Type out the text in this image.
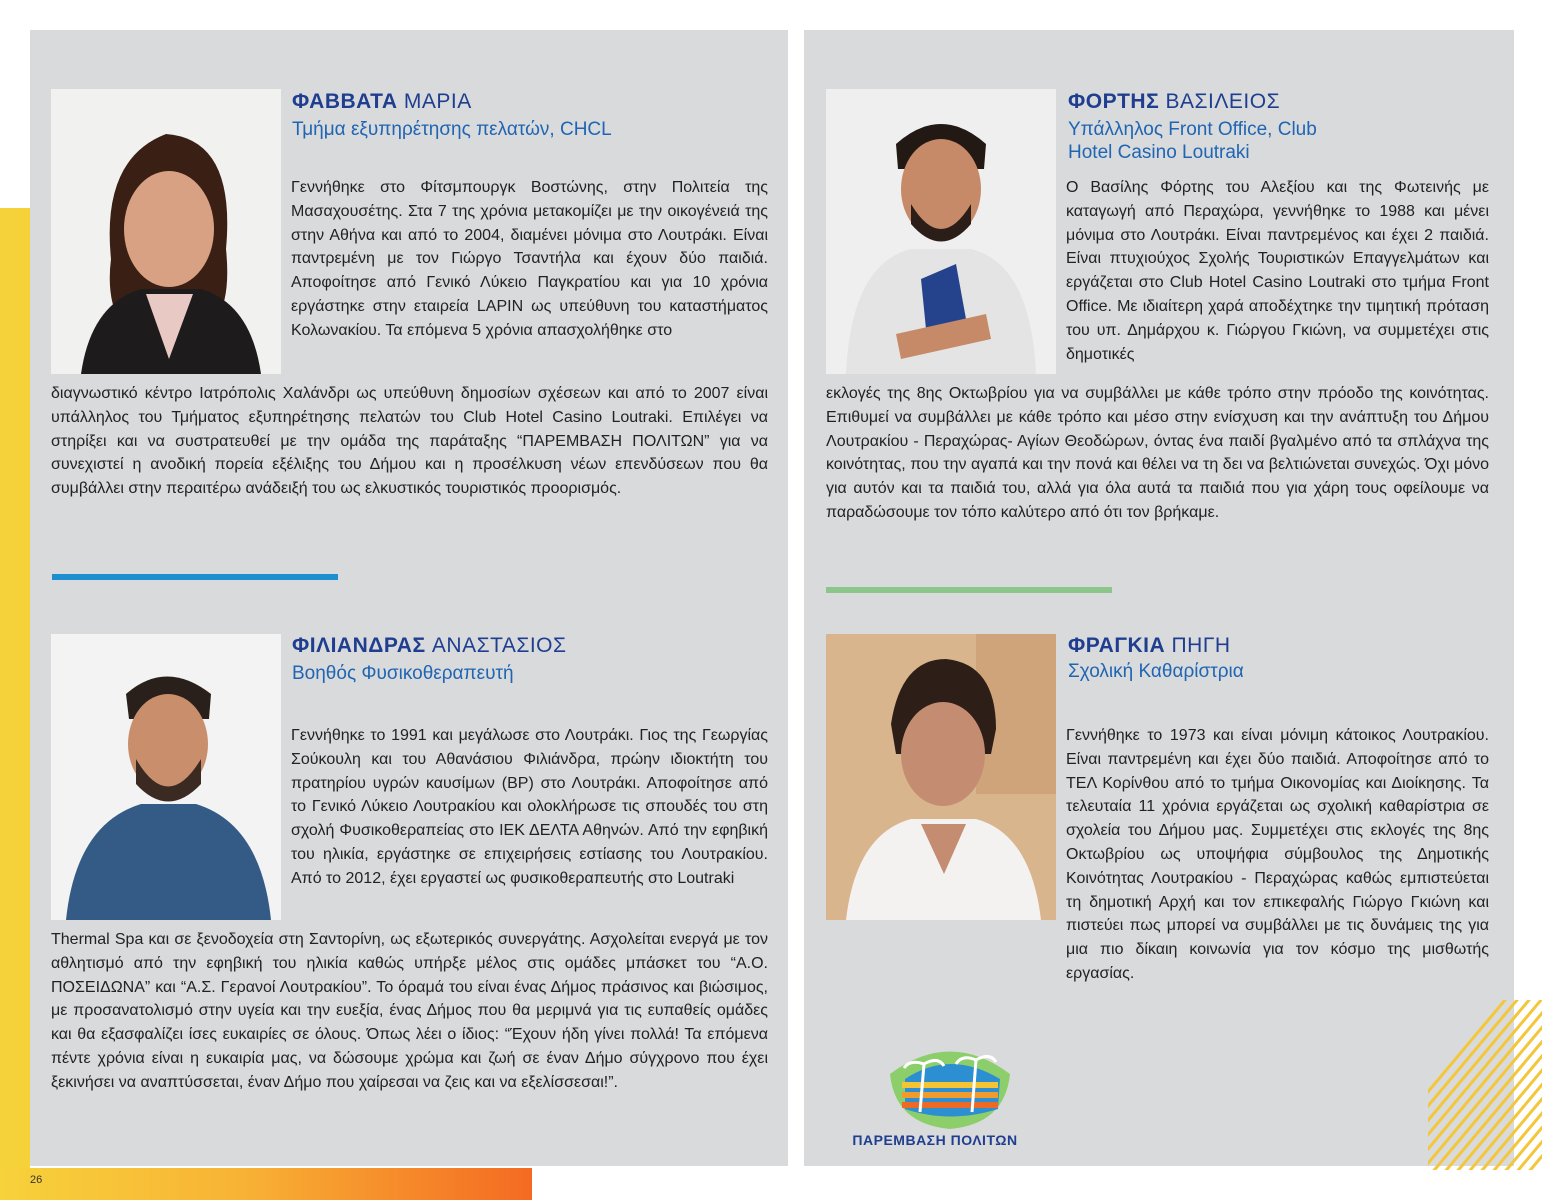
ΦΑΒΒΑΤΑ ΜΑΡΙΑ

Τμήμα εξυπηρέτησης πελατών, CHCL

Γεννήθηκε στο Φίτσμπουργκ Βοστώνης, στην Πολιτεία της Μασαχουσέτης. Στα 7 της χρόνια μετακομίζει με την οικογένειά της στην Αθήνα και από το 2004, διαμένει μόνιμα στο Λουτράκι. Είναι παντρεμένη με τον Γιώργο Τσαντήλα και έχουν δύο παιδιά. Αποφοίτησε από Γενικό Λύκειο Παγκρατίου και για 10 χρόνια εργάστηκε στην εταιρεία LAPIN ως υπεύθυνη του καταστήματος Κολωνακίου. Τα επόμενα 5 χρόνια απασχολήθηκε στο

διαγνωστικό κέντρο Ιατρόπολις Χαλάνδρι ως υπεύθυνη δημοσίων σχέσεων και από το 2007 είναι υπάλληλος του Τμήματος εξυπηρέτησης πελατών του Club Hotel Casino Loutraki. Επιλέγει να στηρίξει και να συστρατευθεί με την ομάδα της παράταξης “ΠΑΡΕΜΒΑΣΗ ΠΟΛΙΤΩΝ” για να συνεχιστεί η ανοδική πορεία εξέλιξης του Δήμου και η προσέλκυση νέων επενδύσεων που θα συμβάλλει στην περαιτέρω ανάδειξή του ως ελκυστικός τουριστικός προορισμός.

ΦΙΛΙΑΝΔΡΑΣ ΑΝΑΣΤΑΣΙΟΣ

Βοηθός Φυσικοθεραπευτή

Γεννήθηκε το 1991 και μεγάλωσε στο Λουτράκι. Γιος της Γεωργίας Σούκουλη και του Αθανάσιου Φιλιάνδρα, πρώην ιδιοκτήτη του πρατηρίου υγρών καυσίμων (BP) στο Λουτράκι. Αποφοίτησε από το Γενικό Λύκειο Λουτρακίου και ολοκλήρωσε τις σπουδές του στη σχολή Φυσικοθεραπείας στο ΙΕΚ ΔΕΛΤΑ Αθηνών. Από την εφηβική του ηλικία, εργάστηκε σε επιχειρήσεις εστίασης του Λουτρακίου. Από το 2012, έχει εργαστεί ως φυσικοθεραπευτής στο Loutraki

Thermal Spa και σε ξενοδοχεία στη Σαντορίνη, ως εξωτερικός συνεργάτης. Ασχολείται ενεργά με τον αθλητισμό από την εφηβική του ηλικία καθώς υπήρξε μέλος στις ομάδες μπάσκετ του “Α.Ο. ΠΟΣΕΙΔΩΝΑ” και “Α.Σ. Γερανοί Λουτρακίου”. Το όραμά του είναι ένας Δήμος πράσινος και βιώσιμος, με προσανατολισμό στην υγεία και την ευεξία, ένας Δήμος που θα μεριμνά για τις ευπαθείς ομάδες και θα εξασφαλίζει ίσες ευκαιρίες σε όλους. Όπως λέει ο ίδιος: “Έχουν ήδη γίνει πολλά! Τα επόμενα πέντε χρόνια είναι η ευκαιρία μας, να δώσουμε χρώμα και ζωή σε έναν Δήμο σύγχρονο που έχει ξεκινήσει να αναπτύσσεται, έναν Δήμο που χαίρεσαι να ζεις και να εξελίσσεσαι!”.

ΦΟΡΤΗΣ ΒΑΣΙΛΕΙΟΣ

Υπάλληλος Front Office, Club Hotel Casino Loutraki

Ο Βασίλης Φόρτης του Αλεξίου και της Φωτεινής με καταγωγή από Περαχώρα, γεννήθηκε το 1988 και μένει μόνιμα στο Λουτράκι. Είναι παντρεμένος και έχει 2 παιδιά. Είναι πτυχιούχος Σχολής Τουριστικών Επαγγελμάτων και εργάζεται στο Club Hotel Casino Loutraki στο τμήμα Front Office. Με ιδιαίτερη χαρά αποδέχτηκε την τιμητική πρόταση του υπ. Δημάρχου κ. Γιώργου Γκιώνη, να συμμετέχει στις δημοτικές

εκλογές της 8ης Οκτωβρίου για να συμβάλλει με κάθε τρόπο στην πρόοδο της κοινότητας. Επιθυμεί να συμβάλλει με κάθε τρόπο και μέσο στην ενίσχυση και την ανάπτυξη του Δήμου Λουτρακίου - Περαχώρας- Αγίων Θεοδώρων, όντας ένα παιδί βγαλμένο από τα σπλάχνα της κοινότητας, που την αγαπά και την πονά και θέλει να τη δει να βελτιώνεται συνεχώς. Όχι μόνο για αυτόν και τα παιδιά του, αλλά για όλα αυτά τα παιδιά που για χάρη τους οφείλουμε να παραδώσουμε τον τόπο καλύτερο από ότι τον βρήκαμε.

ΦΡΑΓΚΙΑ ΠΗΓΗ

Σχολική Καθαρίστρια

Γεννήθηκε το 1973 και είναι μόνιμη κάτοικος Λουτρακίου. Είναι παντρεμένη και έχει δύο παιδιά. Αποφοίτησε από το ΤΕΛ Κορίνθου από το τμήμα Οικονομίας και Διοίκησης. Τα τελευταία 11 χρόνια εργάζεται ως σχολική καθαρίστρια σε σχολεία του Δήμου μας. Συμμετέχει στις εκλογές της 8ης Οκτωβρίου ως υποψήφια σύμβουλος της Δημοτικής Κοινότητας Λουτρακίου - Περαχώρας καθώς εμπιστεύεται τη δημοτική Αρχή και τον επικεφαλής Γιώργο Γκιώνη και πιστεύει πως μπορεί να συμβάλλει με τις δυνάμεις της για μια πιο δίκαιη κοινωνία για τον κόσμο της μισθωτής εργασίας.

ΠΑΡΕΜΒΑΣΗ ΠΟΛΙΤΩΝ

26
